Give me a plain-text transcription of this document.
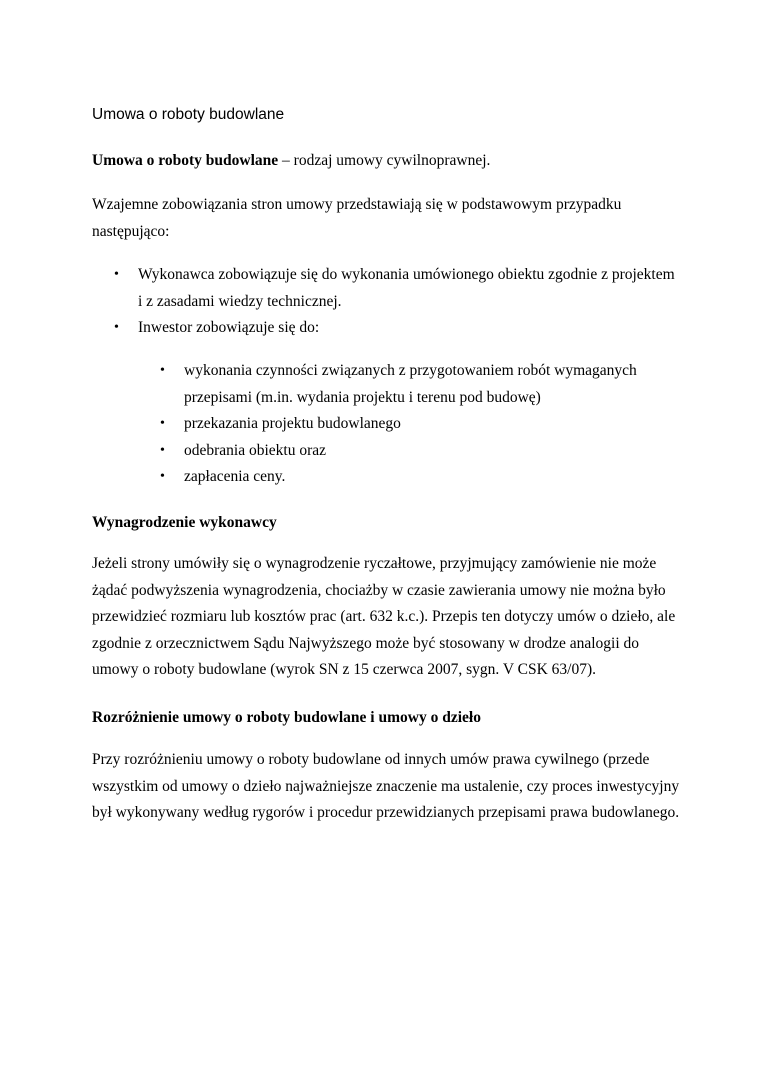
Umowa o roboty budowlane

Umowa o roboty budowlane – rodzaj umowy cywilnoprawnej.

Wzajemne zobowiązania stron umowy przedstawiają się w podstawowym przypadku następująco:

• Wykonawca zobowiązuje się do wykonania umówionego obiektu zgodnie z projektem i z zasadami wiedzy technicznej.
• Inwestor zobowiązuje się do:
• wykonania czynności związanych z przygotowaniem robót wymaganych przepisami (m.in. wydania projektu i terenu pod budowę)
• przekazania projektu budowlanego
• odebrania obiektu oraz
• zapłacenia ceny.
Wynagrodzenie wykonawcy

Jeżeli strony umówiły się o wynagrodzenie ryczałtowe, przyjmujący zamówienie nie może żądać podwyższenia wynagrodzenia, chociażby w czasie zawierania umowy nie można było przewidzieć rozmiaru lub kosztów prac (art. 632 k.c.). Przepis ten dotyczy umów o dzieło, ale zgodnie z orzecznictwem Sądu Najwyższego może być stosowany w drodze analogii do umowy o roboty budowlane (wyrok SN z 15 czerwca 2007, sygn. V CSK 63/07).

Rozróżnienie umowy o roboty budowlane i umowy o dzieło

Przy rozróżnieniu umowy o roboty budowlane od innych umów prawa cywilnego (przede wszystkim od umowy o dzieło najważniejsze znaczenie ma ustalenie, czy proces inwestycyjny był wykonywany według rygorów i procedur przewidzianych przepisami prawa budowlanego.
